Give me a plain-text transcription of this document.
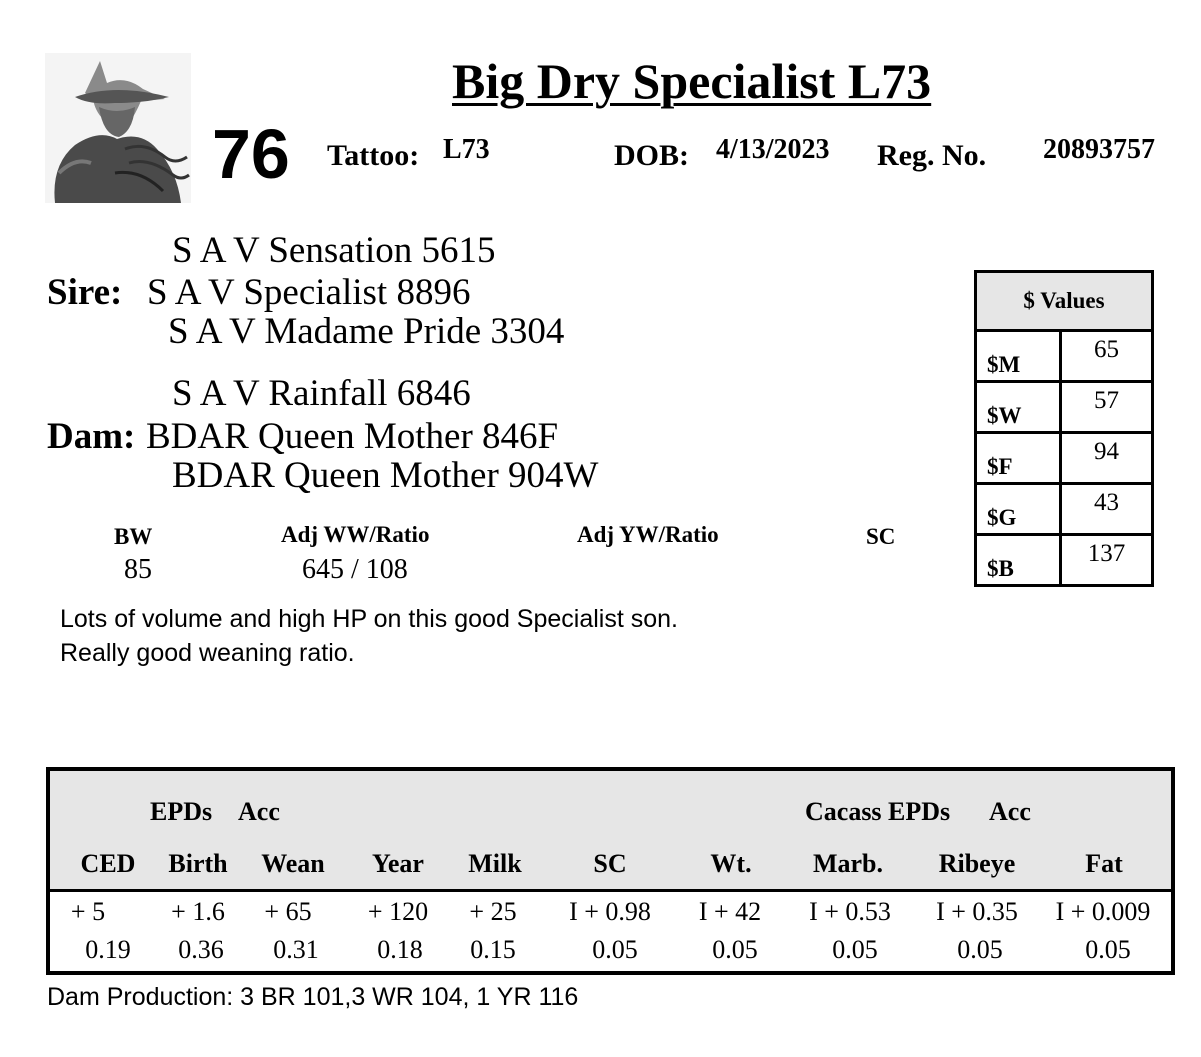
76
Big Dry Specialist L73
Tattoo: L73	DOB: 4/13/2023 Reg. No. 20893757
S A V Sensation 5615
Sire: S A V Specialist 8896
S A V Madame Pride 3304
S A V Rainfall 6846
Dam: BDAR Queen Mother 846F
BDAR Queen Mother 904W
BW	Adj WW/Ratio	Adj YW/Ratio	SC
85	645 / 108
Lots of volume and high HP on this good Specialist son.
Really good weaning ratio.
$ Values	
$M	65
$W	57
$F	94
$G	43
$B	137
EPDs Acc	Cacass EPDs Acc
CED	Birth	Wean	Year	Milk	SC	Wt.	Marb.	Ribeye	Fat
+ 5	+ 1.6	+ 65	+ 120	+ 25	I + 0.98	I + 42	I + 0.53	I + 0.35	I + 0.009
0.19	0.36	0.31	0.18	0.15	0.05	0.05	0.05	0.05	0.05
Dam Production: 3 BR 101,3 WR 104, 1 YR 116
